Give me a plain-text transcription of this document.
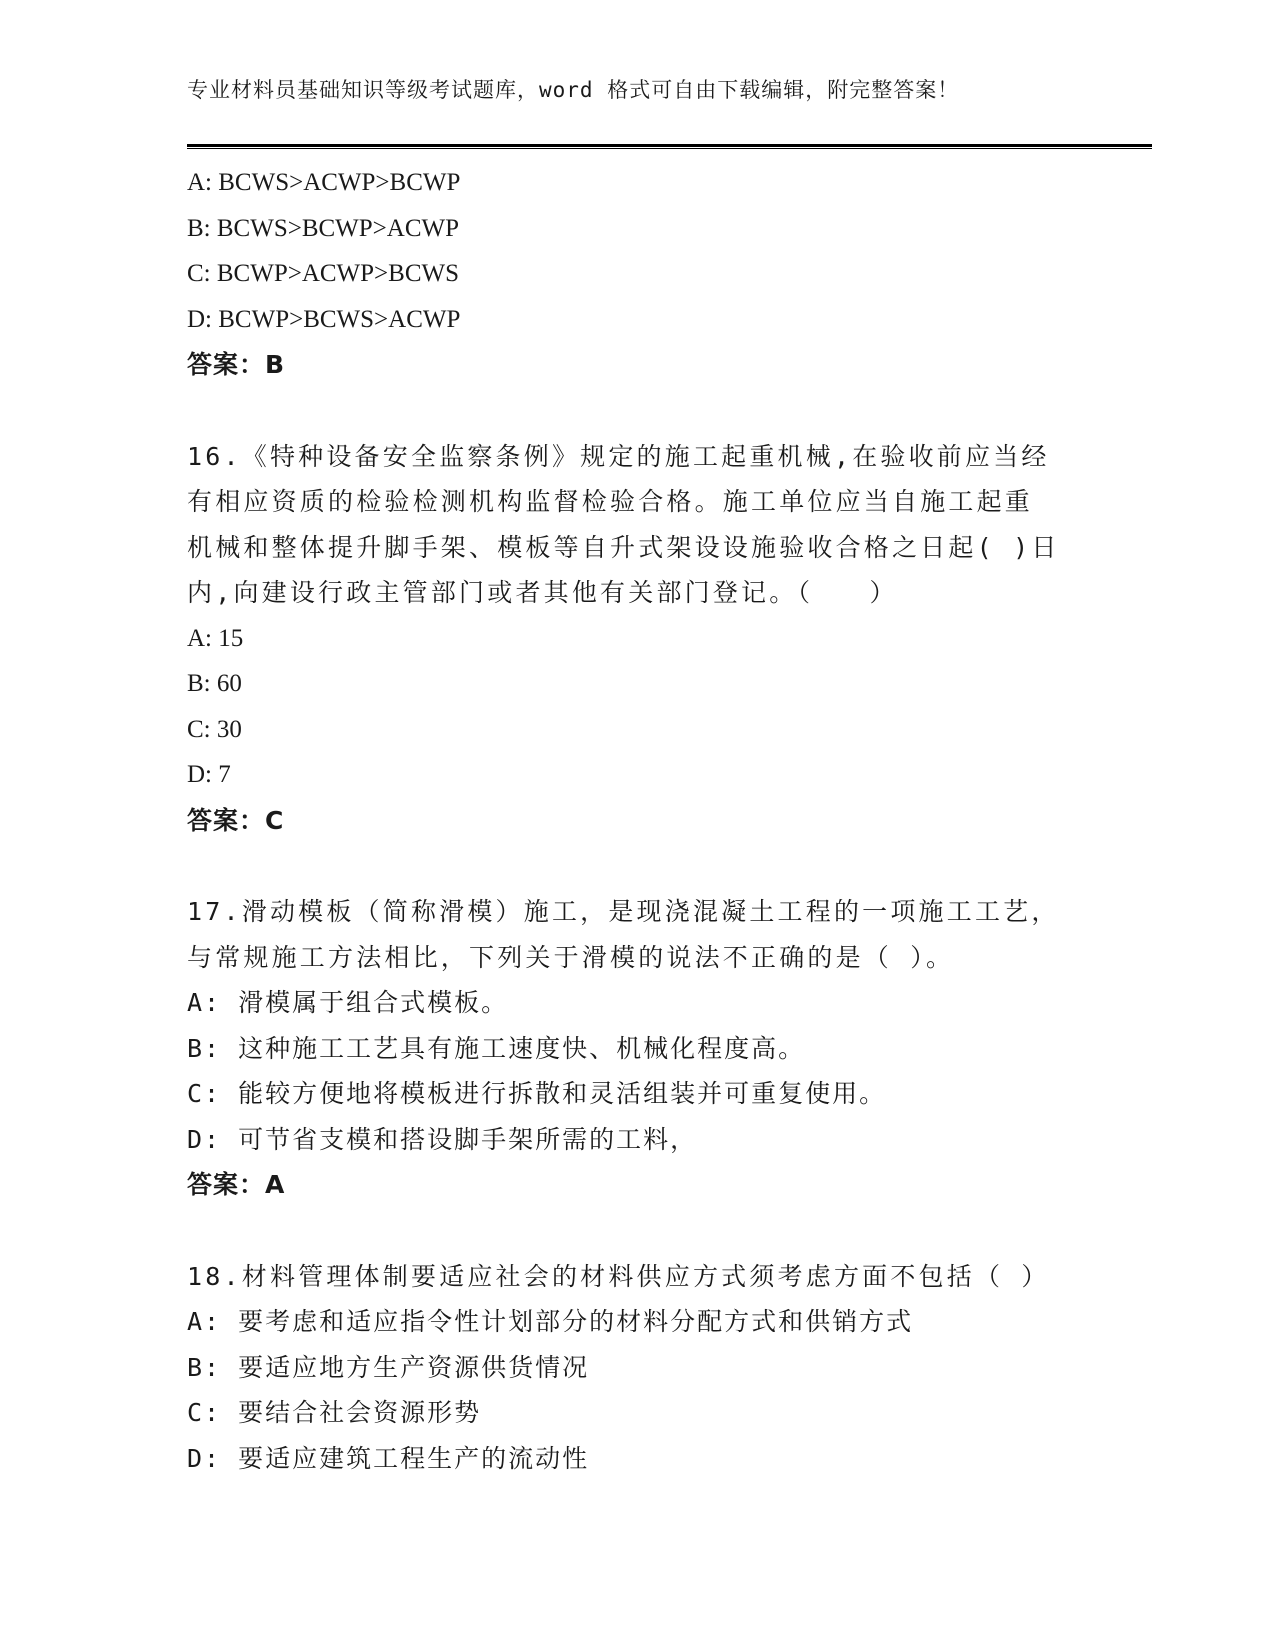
专业材料员基础知识等级考试题库，word 格式可自由下载编辑，附完整答案！
A: BCWS>ACWP>BCWP
B: BCWS>BCWP>ACWP
C: BCWP>ACWP>BCWS
D: BCWP>BCWS>ACWP
答案：B
16.《特种设备安全监察条例》规定的施工起重机械,在验收前应当经
有相应资质的检验检测机构监督检验合格。施工单位应当自施工起重
机械和整体提升脚手架、模板等自升式架设设施验收合格之日起( )日
内,向建设行政主管部门或者其他有关部门登记。（　　）
A: 15
B: 60
C: 30
D: 7
答案：C
17.滑动模板（简称滑模）施工，是现浇混凝土工程的一项施工工艺，
与常规施工方法相比，下列关于滑模的说法不正确的是（ ）。
A: 滑模属于组合式模板。
B: 这种施工工艺具有施工速度快、机械化程度高。
C: 能较方便地将模板进行拆散和灵活组装并可重复使用。
D: 可节省支模和搭设脚手架所需的工料，
答案：A
18.材料管理体制要适应社会的材料供应方式须考虑方面不包括（ ）
A: 要考虑和适应指令性计划部分的材料分配方式和供销方式
B: 要适应地方生产资源供货情况
C: 要结合社会资源形势
D: 要适应建筑工程生产的流动性
